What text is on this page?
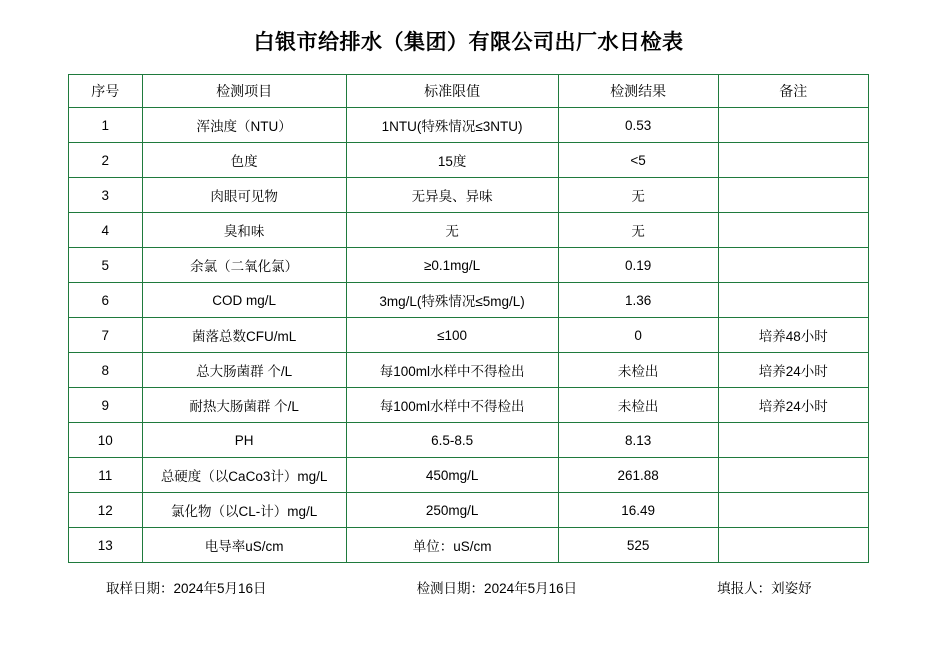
白银市给排水（集团）有限公司出厂水日检表
序号	检测项目	标准限值	检测结果	备注
1	浑浊度（NTU）	1NTU(特殊情况≤3NTU)	0.53	
2	色度	15度	<5	
3	肉眼可见物	无异臭、异味	无	
4	臭和味	无	无	
5	余氯（二氧化氯）	≥0.1mg/L	0.19	
6	COD mg/L	3mg/L(特殊情况≤5mg/L)	1.36	
7	菌落总数CFU/mL	≤100	0	培养48小时
8	总大肠菌群 个/L	每100ml水样中不得检出	未检出	培养24小时
9	耐热大肠菌群 个/L	每100ml水样中不得检出	未检出	培养24小时
10	PH	6.5-8.5	8.13	
11	总硬度（以CaCo3计）mg/L	450mg/L	261.88	
12	氯化物（以CL-计）mg/L	250mg/L	16.49	
13	电导率uS/cm	单位：uS/cm	525	
取样日期：2024年5月16日	检测日期：2024年5月16日	填报人：刘姿妤
